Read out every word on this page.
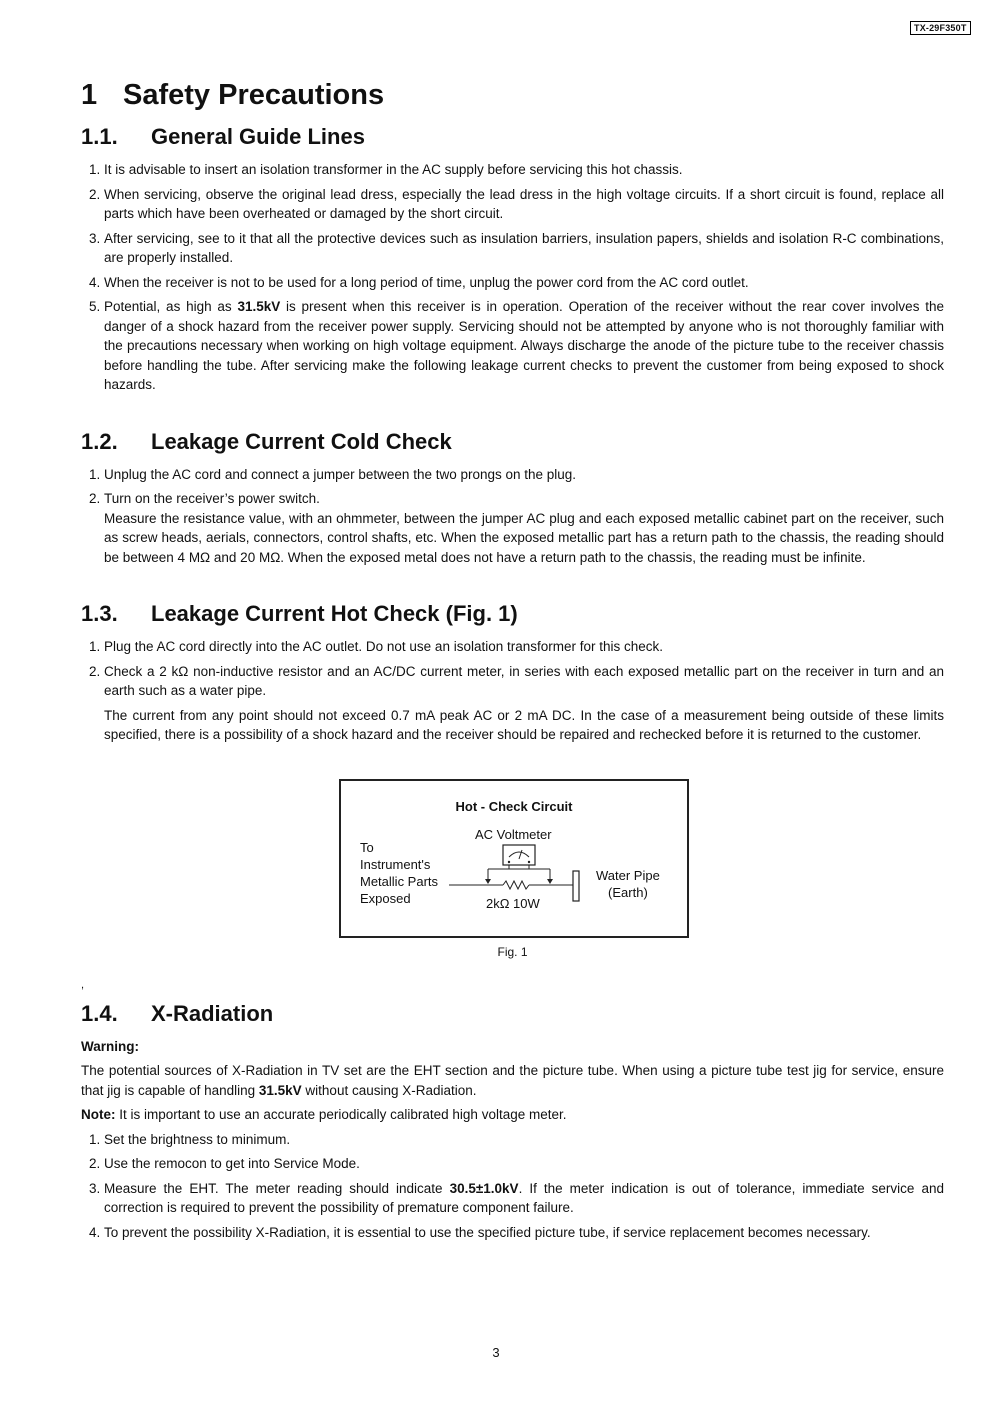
TX-29F350T
1 Safety Precautions
1.1. General Guide Lines
1. It is advisable to insert an isolation transformer in the AC supply before servicing this hot chassis.
2. When servicing, observe the original lead dress, especially the lead dress in the high voltage circuits. If a short circuit is found, replace all parts which have been overheated or damaged by the short circuit.
3. After servicing, see to it that all the protective devices such as insulation barriers, insulation papers, shields and isolation R-C combinations, are properly installed.
4. When the receiver is not to be used for a long period of time, unplug the power cord from the AC cord outlet.
5. Potential, as high as 31.5kV is present when this receiver is in operation. Operation of the receiver without the rear cover involves the danger of a shock hazard from the receiver power supply. Servicing should not be attempted by anyone who is not thoroughly familiar with the precautions necessary when working on high voltage equipment. Always discharge the anode of the picture tube to the receiver chassis before handling the tube. After servicing make the following leakage current checks to prevent the customer from being exposed to shock hazards.
1.2. Leakage Current Cold Check
1. Unplug the AC cord and connect a jumper between the two prongs on the plug.
2. Turn on the receiver’s power switch.
Measure the resistance value, with an ohmmeter, between the jumper AC plug and each exposed metallic cabinet part on the receiver, such as screw heads, aerials, connectors, control shafts, etc. When the exposed metallic part has a return path to the chassis, the reading should be between 4 MΩ and 20 MΩ. When the exposed metal does not have a return path to the chassis, the reading must be infinite.
1.3. Leakage Current Hot Check (Fig. 1)
1. Plug the AC cord directly into the AC outlet. Do not use an isolation transformer for this check.
2. Check a 2 kΩ non-inductive resistor and an AC/DC current meter, in series with each exposed metallic part on the receiver in turn and an earth such as a water pipe.
The current from any point should not exceed 0.7 mA peak AC or 2 mA DC. In the case of a measurement being outside of these limits specified, there is a possibility of a shock hazard and the receiver should be repaired and rechecked before it is returned to the customer.
Hot - Check Circuit
AC Voltmeter
To
Instrument's
Metallic Parts
Exposed	2kΩ 10W
Water Pipe
(Earth)
Fig. 1
,
1.4. X-Radiation
Warning:
The potential sources of X-Radiation in TV set are the EHT section and the picture tube. When using a picture tube test jig for service, ensure that jig is capable of handling 31.5kV without causing X-Radiation.
Note: It is important to use an accurate periodically calibrated high voltage meter.
1. Set the brightness to minimum.
2. Use the remocon to get into Service Mode.
3. Measure the EHT. The meter reading should indicate 30.5±1.0kV. If the meter indication is out of tolerance, immediate service and correction is required to prevent the possibility of premature component failure.
4. To prevent the possibility X-Radiation, it is essential to use the specified picture tube, if service replacement becomes necessary.
3
